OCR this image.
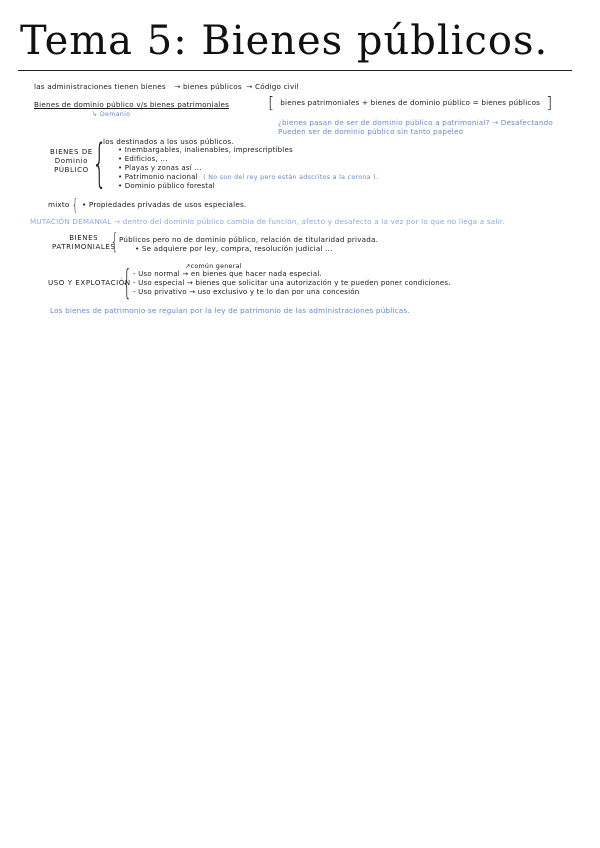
Tema 5: Bienes públicos.
las administraciones tienen bienes → bienes públicos → Código civil
Bienes de dominio público v/s bienes patrimoniales
↳ Demanio
[ bienes patrimoniales + bienes de dominio público = bienes públicos ]
¿bienes pasan de ser de dominio público a patrimonial? → Desafectando
Pueden ser de dominio público sin tanto papeleo
BIENES DE
Dominio
PÚBLICO {
los destinados a los usos públicos.
• Inembargables, inalienables, imprescriptibles
• Edificios, ...
• Playas y zonas así ...
• Patrimonio nacional ( No son del rey pero están adscritos a la corona ).
• Dominio público forestal
mixto { • Propiedades privadas de usos especiales.
MUTACIÓN DEMANIAL → dentro del dominio público cambia de función, afecto y desafecto a la vez por lo que no llega a salir.
BIENES
PATRIMONIALES
{ Públicos pero no de dominio público, relación de titularidad privada.
• Se adquiere por ley, compra, resolución judicial ...
↗común general
USO Y EXPLOTACIÓN
{ - Uso normal → en bienes que hacer nada especial.
- Uso especial → bienes que solicitar una autorización y te pueden poner condiciones.
- Uso privativo → uso exclusivo y te lo dan por una concesión
Los bienes de patrimonio se regulan por la ley de patrimonio de las administraciones públicas.
